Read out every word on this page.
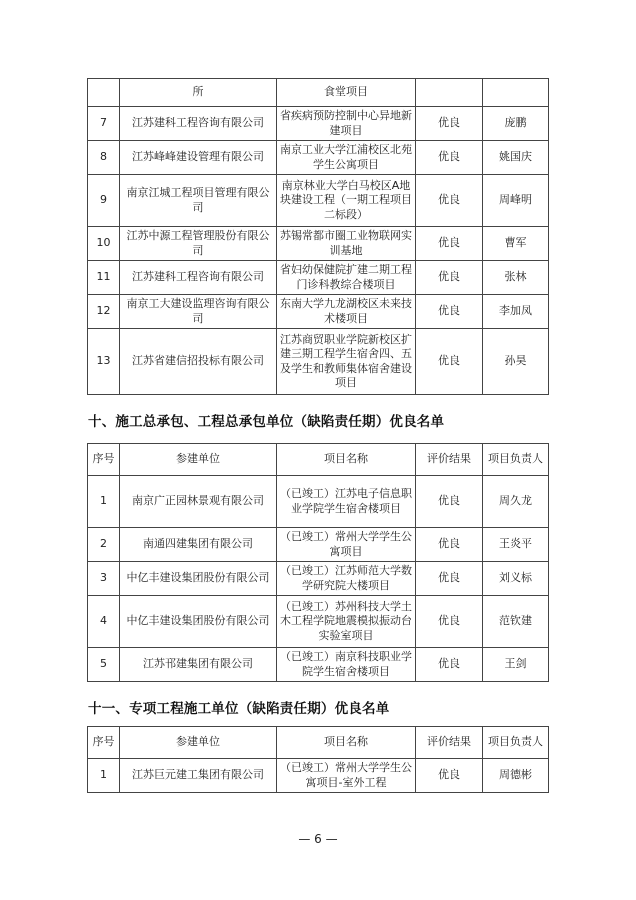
	所	食堂项目		
7	江苏建科工程咨询有限公司	省疾病预防控制中心异地新建项目	优良	庞鹏
8	江苏峰峰建设管理有限公司	南京工业大学江浦校区北苑学生公寓项目	优良	姚国庆
9	南京江城工程项目管理有限公司	南京林业大学白马校区A地块建设工程（一期工程项目二标段）	优良	周峰明
10	江苏中源工程管理股份有限公司	苏锡常都市圈工业物联网实训基地	优良	曹军
11	江苏建科工程咨询有限公司	省妇幼保健院扩建二期工程门诊科教综合楼项目	优良	张林
12	南京工大建设监理咨询有限公司	东南大学九龙湖校区未来技术楼项目	优良	李加凤
13	江苏省建信招投标有限公司	江苏商贸职业学院新校区扩建三期工程学生宿舍四、五及学生和教师集体宿舍建设项目	优良	孙昊
十、施工总承包、工程总承包单位（缺陷责任期）优良名单
序号	参建单位	项目名称	评价结果	项目负责人
1	南京广正园林景观有限公司	（已竣工）江苏电子信息职业学院学生宿舍楼项目	优良	周久龙
2	南通四建集团有限公司	（已竣工）常州大学学生公寓项目	优良	王炎平
3	中亿丰建设集团股份有限公司	（已竣工）江苏师范大学数学研究院大楼项目	优良	刘义标
4	中亿丰建设集团股份有限公司	（已竣工）苏州科技大学土木工程学院地震模拟振动台实验室项目	优良	范钦建
5	江苏邗建集团有限公司	（已竣工）南京科技职业学院学生宿舍楼项目	优良	王剑
十一、专项工程施工单位（缺陷责任期）优良名单
序号	参建单位	项目名称	评价结果	项目负责人
1	江苏巨元建工集团有限公司	（已竣工）常州大学学生公寓项目-室外工程	优良	周德彬
— 6 —
